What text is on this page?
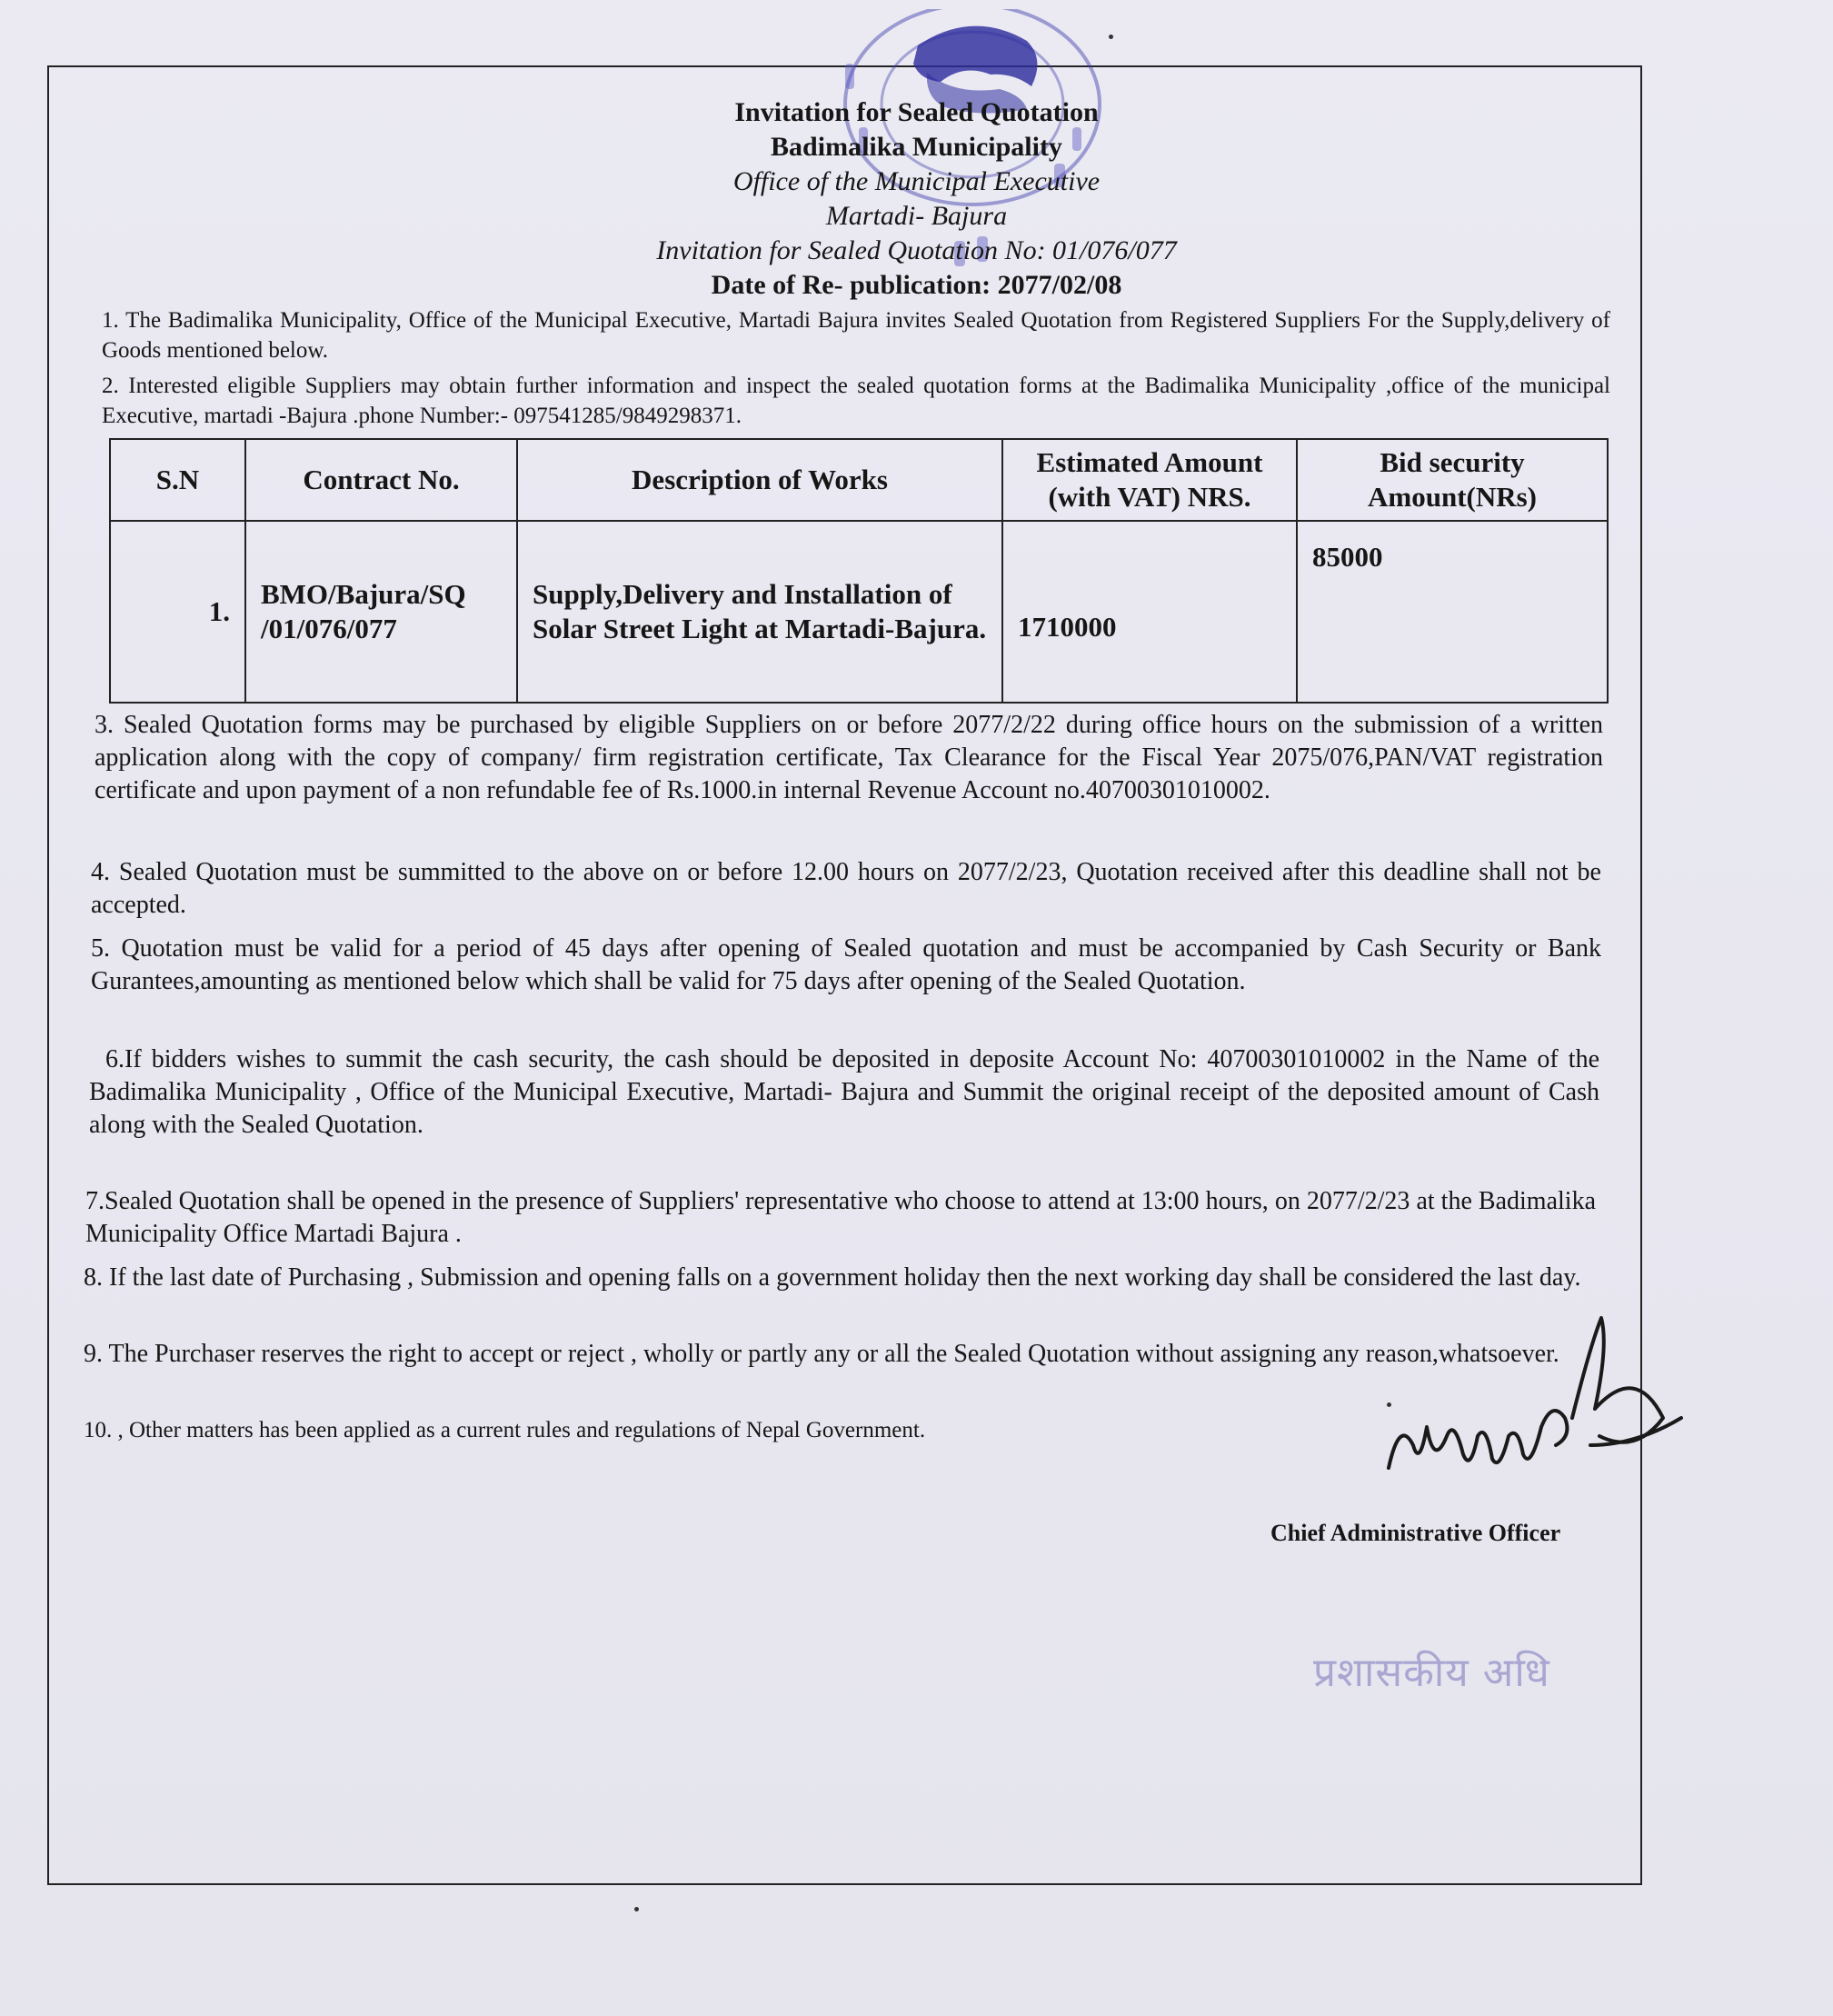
Invitation for Sealed Quotation
Badimalika Municipality
Office of the Municipal Executive
Martadi- Bajura
Invitation for Sealed Quotation No: 01/076/077
Date of Re- publication: 2077/02/08
1. The Badimalika Municipality, Office of the Municipal Executive, Martadi Bajura invites Sealed Quotation from Registered Suppliers For the Supply,delivery of Goods mentioned below.
2. Interested eligible Suppliers may obtain further information and inspect the sealed quotation forms at the Badimalika Municipality ,office of the municipal Executive, martadi -Bajura .phone Number:- 097541285/9849298371.
S.N	Contract No.	Description of Works	Estimated Amount (with VAT) NRS.	Bid security Amount(NRs)
1.	BMO/Bajura/SQ /01/076/077	Supply,Delivery and Installation of Solar Street Light at Martadi-Bajura.	1710000	85000
3. Sealed Quotation forms may be purchased by eligible Suppliers on or before 2077/2/22 during office hours on the submission of a written application along with the copy of company/ firm registration certificate, Tax Clearance for the Fiscal Year 2075/076,PAN/VAT registration certificate and upon payment of a non refundable fee of Rs.1000.in internal Revenue Account no.40700301010002.
4. Sealed Quotation must be summitted to the above on or before 12.00 hours on 2077/2/23, Quotation received after this deadline shall not be accepted.
5. Quotation must be valid for a period of 45 days after opening of Sealed quotation and must be accompanied by Cash Security or Bank Gurantees,amounting as mentioned below which shall be valid for 75 days after opening of the Sealed Quotation.
6.If bidders wishes to summit the cash security, the cash should be deposited in deposite Account No: 40700301010002 in the Name of the Badimalika Municipality , Office of the Municipal Executive, Martadi- Bajura and Summit the original receipt of the deposited amount of Cash along with the Sealed Quotation.
7.Sealed Quotation shall be opened in the presence of Suppliers' representative who choose to attend at 13:00 hours, on 2077/2/23 at the Badimalika Municipality Office Martadi Bajura .
8. If the last date of Purchasing , Submission and opening falls on a government holiday then the next working day shall be considered the last day.
9. The Purchaser reserves the right to accept or reject , wholly or partly any or all the Sealed Quotation without assigning any reason,whatsoever.
10. , Other matters has been applied as a current rules and regulations of Nepal Government.
Chief Administrative Officer
प्रशासकीय अधि
